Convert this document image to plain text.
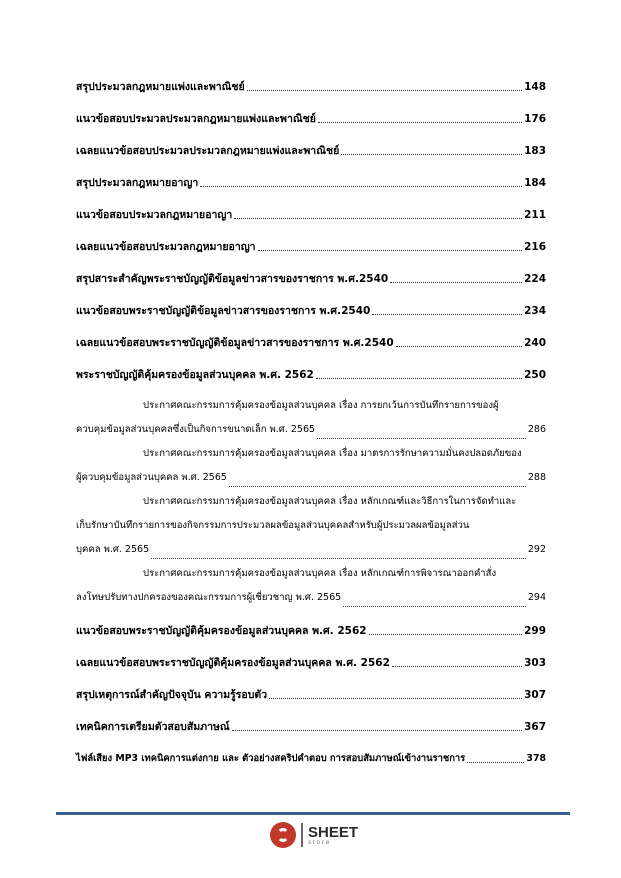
สรุปประมวลกฎหมายแพ่งและพาณิชย์	148
แนวข้อสอบประมวลประมวลกฎหมายแพ่งและพาณิชย์	176
เฉลยแนวข้อสอบประมวลประมวลกฎหมายแพ่งและพาณิชย์	183
สรุปประมวลกฎหมายอาญา	184
แนวข้อสอบประมวลกฎหมายอาญา	211
เฉลยแนวข้อสอบประมวลกฎหมายอาญา	216
สรุปสาระสำคัญพระราชบัญญัติข้อมูลข่าวสารของราชการ พ.ศ.2540	224
แนวข้อสอบพระราชบัญญัติข้อมูลข่าวสารของราชการ พ.ศ.2540	234
เฉลยแนวข้อสอบพระราชบัญญัติข้อมูลข่าวสารของราชการ พ.ศ.2540	240
พระราชบัญญัติคุ้มครองข้อมูลส่วนบุคคล พ.ศ. 2562	250
ประกาศคณะกรรมการคุ้มครองข้อมูลส่วนบุคคล เรื่อง การยกเว้นการบันทึกรายการของผู้
ควบคุมข้อมูลส่วนบุคคลซึ่งเป็นกิจการขนาดเล็ก พ.ศ. 2565	286
ประกาศคณะกรรมการคุ้มครองข้อมูลส่วนบุคคล เรื่อง มาตรการรักษาความมั่นคงปลอดภัยของ
ผู้ควบคุมข้อมูลส่วนบุคคล พ.ศ. 2565	288
ประกาศคณะกรรมการคุ้มครองข้อมูลส่วนบุคคล เรื่อง หลักเกณฑ์และวิธีการในการจัดทำและ
เก็บรักษาบันทึกรายการของกิจกรรมการประมวลผลข้อมูลส่วนบุคคลสำหรับผู้ประมวลผลข้อมูลส่วน
บุคคล พ.ศ. 2565	292
ประกาศคณะกรรมการคุ้มครองข้อมูลส่วนบุคคล เรื่อง หลักเกณฑ์การพิจารณาออกคำสั่ง
ลงโทษปรับทางปกครองของคณะกรรมการผู้เชี่ยวชาญ พ.ศ. 2565	294
แนวข้อสอบพระราชบัญญัติคุ้มครองข้อมูลส่วนบุคคล พ.ศ. 2562	299
เฉลยแนวข้อสอบพระราชบัญญัติคุ้มครองข้อมูลส่วนบุคคล พ.ศ. 2562	303
สรุปเหตุการณ์สำคัญปัจจุบัน ความรู้รอบตัว	307
เทคนิคการเตรียมตัวสอบสัมภาษณ์	367
ไฟล์เสียง MP3 เทคนิคการแต่งกาย และ ตัวอย่างสคริปคำตอบ การสอบสัมภาษณ์เข้างานราชการ	378
SHEET
store
